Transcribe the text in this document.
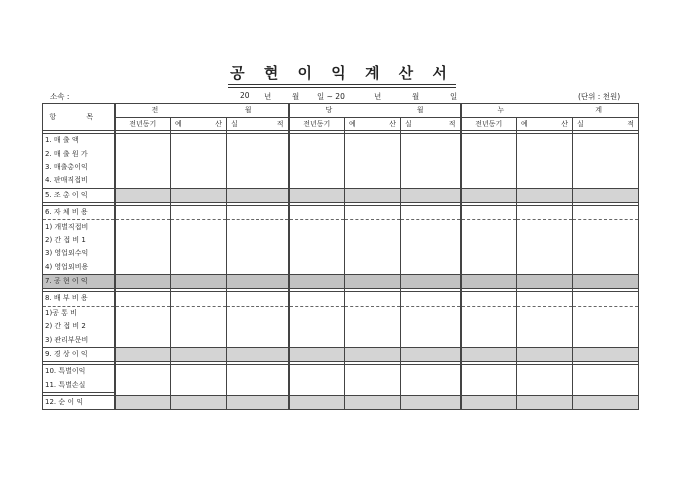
공 현 이 익 계 산 서
소속 :	20	년	월	일 ~ 20	년	월	일	(단위 : 천원)
항 목	전 월			당 월			누 계		

	전년동기	예 산	실 적	전년동기	예 산	실 적	전년동기	예 산	실 적

1. 매 출 액									
2. 매 출 원 가									
3. 매출총이익									
4. 판매직접비									
5. 조 총 이 익									

6. 자 체 비 용									
1) 개별직접비									
2) 간 접 비 1									
3) 영업외수익									
4) 영업외비용									
7. 공 현 이 익									

8. 배 부 비 용									
1)공 통 비									
2) 간 접 비 2									
3) 관리부문비									
9. 경 상 이 익									

10. 특별이익									
11. 특별손실									

12. 순 이 익									
